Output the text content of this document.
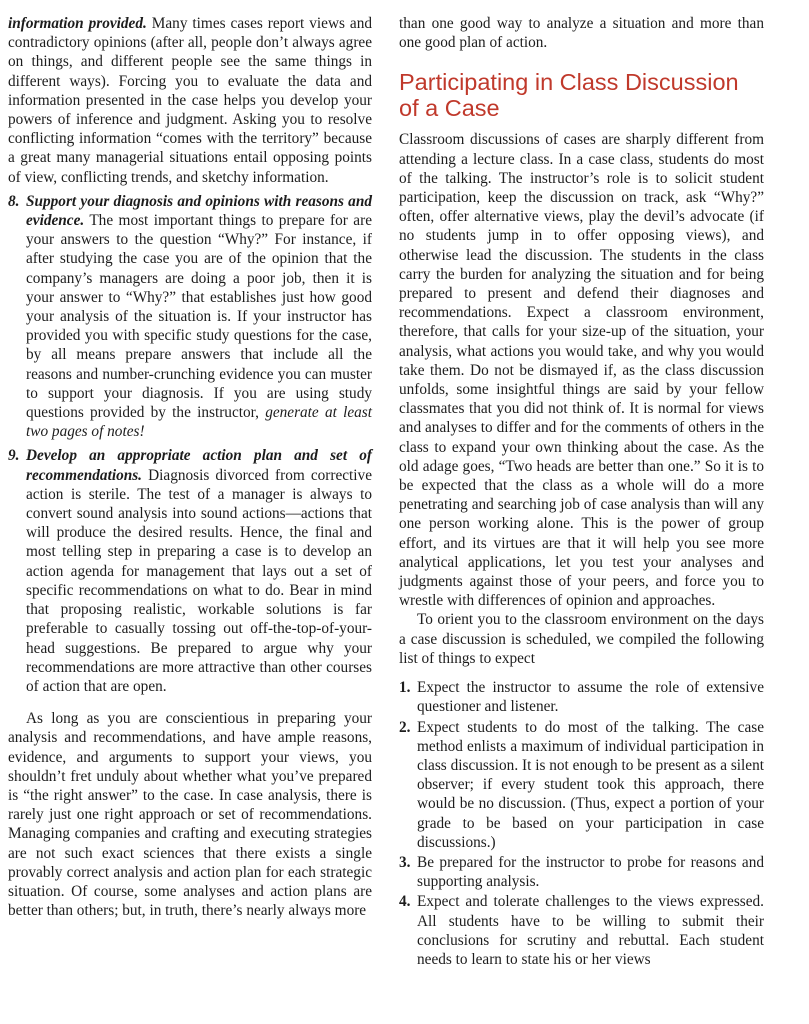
information provided. Many times cases report views and contradictory opinions (after all, people don’t always agree on things, and different people see the same things in different ways). Forcing you to evaluate the data and information presented in the case helps you develop your powers of inference and judgment. Asking you to resolve conflicting information “comes with the territory” because a great many managerial situations entail opposing points of view, conflicting trends, and sketchy information.

8. Support your diagnosis and opinions with reasons and evidence. The most important things to prepare for are your answers to the question “Why?” For instance, if after studying the case you are of the opinion that the company’s managers are doing a poor job, then it is your answer to “Why?” that establishes just how good your analysis of the situation is. If your instructor has provided you with specific study questions for the case, by all means prepare answers that include all the reasons and number-crunching evidence you can muster to support your diagnosis. If you are using study questions provided by the instructor, generate at least two pages of notes!
9. Develop an appropriate action plan and set of recommendations. Diagnosis divorced from corrective action is sterile. The test of a manager is always to convert sound analysis into sound actions—actions that will produce the desired results. Hence, the final and most telling step in preparing a case is to develop an action agenda for management that lays out a set of specific recommendations on what to do. Bear in mind that proposing realistic, workable solutions is far preferable to casually tossing out off-the-top-of-your-head suggestions. Be prepared to argue why your recommendations are more attractive than other courses of action that are open.

As long as you are conscientious in preparing your analysis and recommendations, and have ample reasons, evidence, and arguments to support your views, you shouldn’t fret unduly about whether what you’ve prepared is “the right answer” to the case. In case analysis, there is rarely just one right approach or set of recommendations. Managing companies and crafting and executing strategies are not such exact sciences that there exists a single provably correct analysis and action plan for each strategic situation. Of course, some analyses and action plans are better than others; but, in truth, there’s nearly always more

than one good way to analyze a situation and more than one good plan of action.

Participating in Class Discussion of a Case

Classroom discussions of cases are sharply different from attending a lecture class. In a case class, students do most of the talking. The instructor’s role is to solicit student participation, keep the discussion on track, ask “Why?” often, offer alternative views, play the devil’s advocate (if no students jump in to offer opposing views), and otherwise lead the discussion. The students in the class carry the burden for analyzing the situation and for being prepared to present and defend their diagnoses and recommendations. Expect a classroom environment, therefore, that calls for your size-up of the situation, your analysis, what actions you would take, and why you would take them. Do not be dismayed if, as the class discussion unfolds, some insightful things are said by your fellow classmates that you did not think of. It is normal for views and analyses to differ and for the comments of others in the class to expand your own thinking about the case. As the old adage goes, “Two heads are better than one.” So it is to be expected that the class as a whole will do a more penetrating and searching job of case analysis than will any one person working alone. This is the power of group effort, and its virtues are that it will help you see more analytical applications, let you test your analyses and judgments against those of your peers, and force you to wrestle with differences of opinion and approaches.

To orient you to the classroom environment on the days a case discussion is scheduled, we compiled the following list of things to expect

1. Expect the instructor to assume the role of extensive questioner and listener.
2. Expect students to do most of the talking. The case method enlists a maximum of individual participation in class discussion. It is not enough to be present as a silent observer; if every student took this approach, there would be no discussion. (Thus, expect a portion of your grade to be based on your participation in case discussions.)
3. Be prepared for the instructor to probe for reasons and supporting analysis.
4. Expect and tolerate challenges to the views expressed. All students have to be willing to submit their conclusions for scrutiny and rebuttal. Each student needs to learn to state his or her views
